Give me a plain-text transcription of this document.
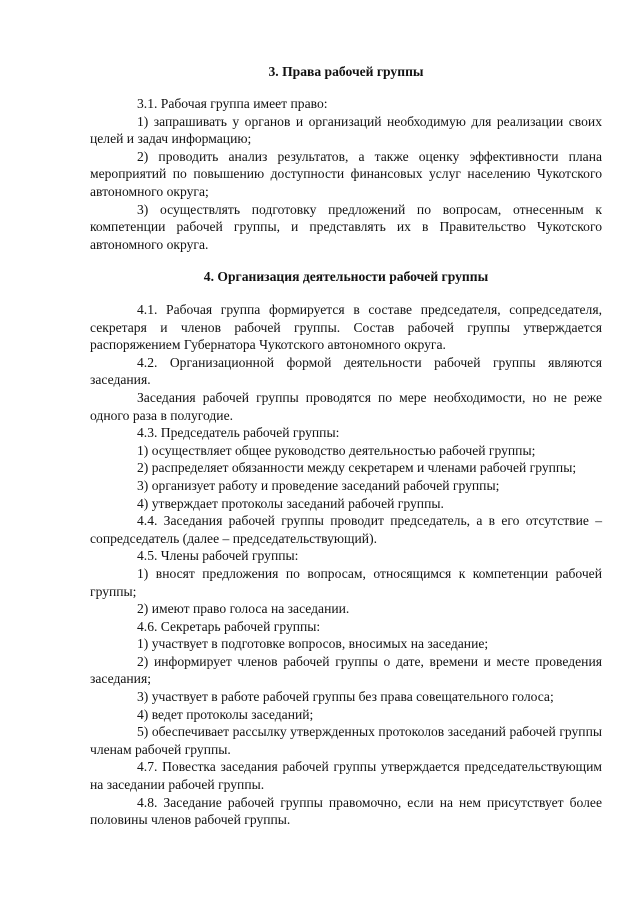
3. Права рабочей группы

3.1. Рабочая группа имеет право:

1) запрашивать у органов и организаций необходимую для реализации своих целей и задач информацию;

2) проводить анализ результатов, а также оценку эффективности плана мероприятий по повышению доступности финансовых услуг населению Чукотского автономного округа;

3) осуществлять подготовку предложений по вопросам, отнесенным к компетенции рабочей группы, и представлять их в Правительство Чукотского автономного округа.

4. Организация деятельности рабочей группы

4.1. Рабочая группа формируется в составе председателя, сопредседателя, секретаря и членов рабочей группы. Состав рабочей группы утверждается распоряжением Губернатора Чукотского автономного округа.

4.2. Организационной формой деятельности рабочей группы являются заседания.

Заседания рабочей группы проводятся по мере необходимости, но не реже одного раза в полугодие.

4.3. Председатель рабочей группы:

1) осуществляет общее руководство деятельностью рабочей группы;

2) распределяет обязанности между секретарем и членами рабочей группы;

3) организует работу и проведение заседаний рабочей группы;

4) утверждает протоколы заседаний рабочей группы.

4.4. Заседания рабочей группы проводит председатель, а в его отсутствие – сопредседатель (далее – председательствующий).

4.5. Члены рабочей группы:

1) вносят предложения по вопросам, относящимся к компетенции рабочей группы;

2) имеют право голоса на заседании.

4.6. Секретарь рабочей группы:

1) участвует в подготовке вопросов, вносимых на заседание;

2) информирует членов рабочей группы о дате, времени и месте проведения заседания;

3) участвует в работе рабочей группы без права совещательного голоса;

4) ведет протоколы заседаний;

5) обеспечивает рассылку утвержденных протоколов заседаний рабочей группы членам рабочей группы.

4.7. Повестка заседания рабочей группы утверждается председательствующим на заседании рабочей группы.

4.8. Заседание рабочей группы правомочно, если на нем присутствует более половины членов рабочей группы.
